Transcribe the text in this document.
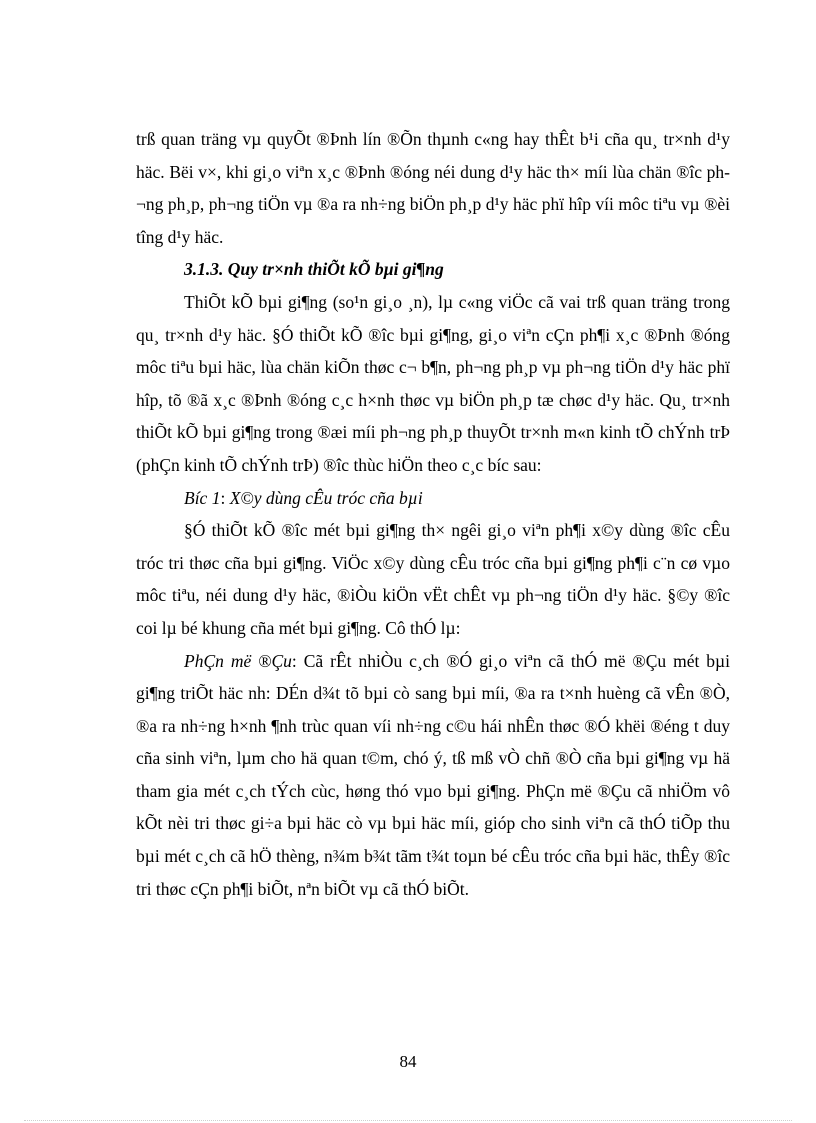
trß quan träng vµ quyÕt ®Þnh lín ®Õn thµnh c«ng hay thÊt b¹i cña qu¸ tr×nh d¹y häc. Bëi v×, khi gi¸o viªn x¸c ®Þnh ®óng néi dung d¹y häc th× míi lùa chän ®îc ph¬ng ph¸p, ph¬ng tiÖn vµ ®a ra nh÷ng biÖn ph¸p d¹y häc phï hîp víi môc tiªu vµ ®èi tîng d¹y häc.

3.1.3. Quy tr×nh thiÕt kÕ bµi gi¶ng

ThiÕt kÕ bµi gi¶ng (so¹n gi¸o ¸n), lµ c«ng viÖc cã vai trß quan träng trong qu¸ tr×nh d¹y häc. §Ó thiÕt kÕ ®îc bµi gi¶ng, gi¸o viªn cÇn ph¶i x¸c ®Þnh ®óng môc tiªu bµi häc, lùa chän kiÕn thøc c¬ b¶n, ph¬ng ph¸p vµ ph¬ng tiÖn d¹y häc phï hîp, tõ ®ã x¸c ®Þnh ®óng c¸c h×nh thøc vµ biÖn ph¸p tæ chøc d¹y häc. Qu¸ tr×nh thiÕt kÕ bµi gi¶ng trong ®æi míi ph¬ng ph¸p thuyÕt tr×nh m«n kinh tÕ chÝnh trÞ (phÇn kinh tÕ chÝnh trÞ) ®îc thùc hiÖn theo c¸c bíc sau:

Bíc 1: X©y dùng cÊu tróc cña bµi

§Ó thiÕt kÕ ®îc mét bµi gi¶ng th× ngêi gi¸o viªn ph¶i x©y dùng ®îc cÊu tróc tri thøc cña bµi gi¶ng. ViÖc x©y dùng cÊu tróc cña bµi gi¶ng ph¶i c¨n cø vµo môc tiªu, néi dung d¹y häc, ®iÒu kiÖn vËt chÊt vµ ph¬ng tiÖn d¹y häc. §©y ®îc coi lµ bé khung cña mét bµi gi¶ng. Cô thÓ lµ:

PhÇn më ®Çu: Cã rÊt nhiÒu c¸ch ®Ó gi¸o viªn cã thÓ më ®Çu mét bµi gi¶ng triÕt häc nh: DÉn d¾t tõ bµi cò sang bµi míi, ®a ra t×nh huèng cã vÊn ®Ò, ®a ra nh÷ng h×nh ¶nh trùc quan víi nh÷ng c©u hái nhÊn thøc ®Ó khëi ®éng t duy cña sinh viªn, lµm cho hä quan t©m, chó ý, tß mß vÒ chñ ®Ò cña bµi gi¶ng vµ hä tham gia mét c¸ch tÝch cùc, høng thó vµo bµi gi¶ng. PhÇn më ®Çu cã nhiÖm vô kÕt nèi tri thøc gi÷a bµi häc cò vµ bµi häc míi, gióp cho sinh viªn cã thÓ tiÕp thu bµi mét c¸ch cã hÖ thèng, n¾m b¾t tãm t¾t toµn bé cÊu tróc cña bµi häc, thÊy ®îc tri thøc cÇn ph¶i biÕt, nªn biÕt vµ cã thÓ biÕt.

84
